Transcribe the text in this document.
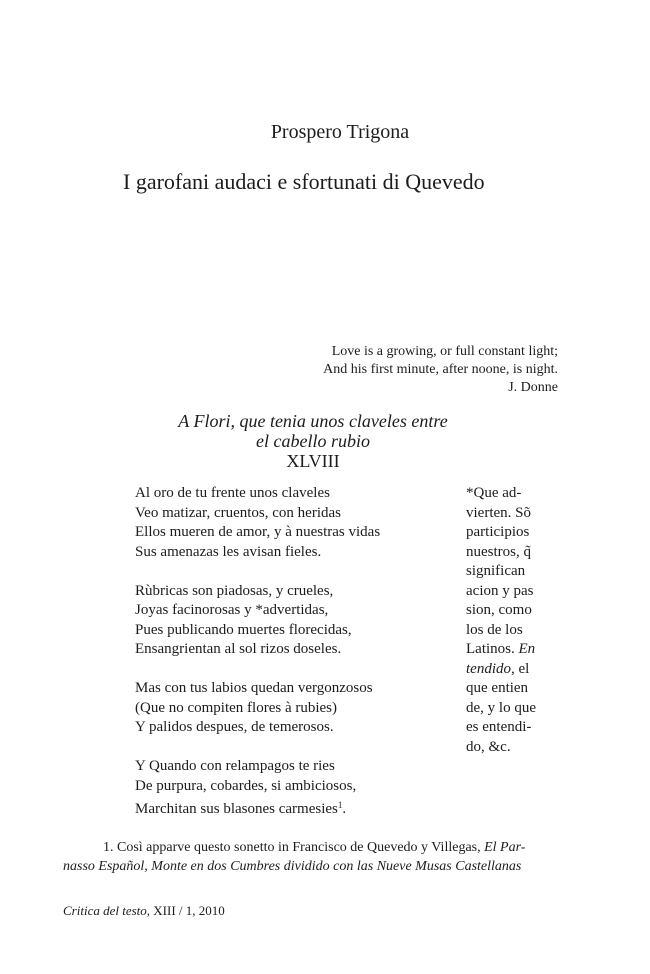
Prospero Trigona
I garofani audaci e sfortunati di Quevedo
Love is a growing, or full constant light;
And his first minute, after noone, is night.
J. Donne
A Flori, que tenia unos claveles entre
el cabello rubio
XLVIII
Al oro de tu frente unos claveles
Veo matizar, cruentos, con heridas
Ellos mueren de amor, y à nuestras vidas
Sus amenazas les avisan fieles.
Rùbricas son piadosas, y crueles,
Joyas facinorosas y *advertidas,
Pues publicando muertes florecidas,
Ensangrientan al sol rizos doseles.
Mas con tus labios quedan vergonzosos
(Que no compiten flores à rubies)
Y palidos despues, de temerosos.
Y Quando con relampagos te ries
De purpura, cobardes, si ambiciosos,
Marchitan sus blasones carmesies$^1$.
*Que ad-
vierten. Sõ
participios
nuestros, q̃
significan
acion y pas
sion, como
los de los
Latinos. En
tendido, el
que entien
de, y lo que
es entendi-
do, &c.
1. Così apparve questo sonetto in Francisco de Quevedo y Villegas, El Par-
nasso Español, Monte en dos Cumbres dividido con las Nueve Musas Castellanas
Critica del testo, XIII / 1, 2010
